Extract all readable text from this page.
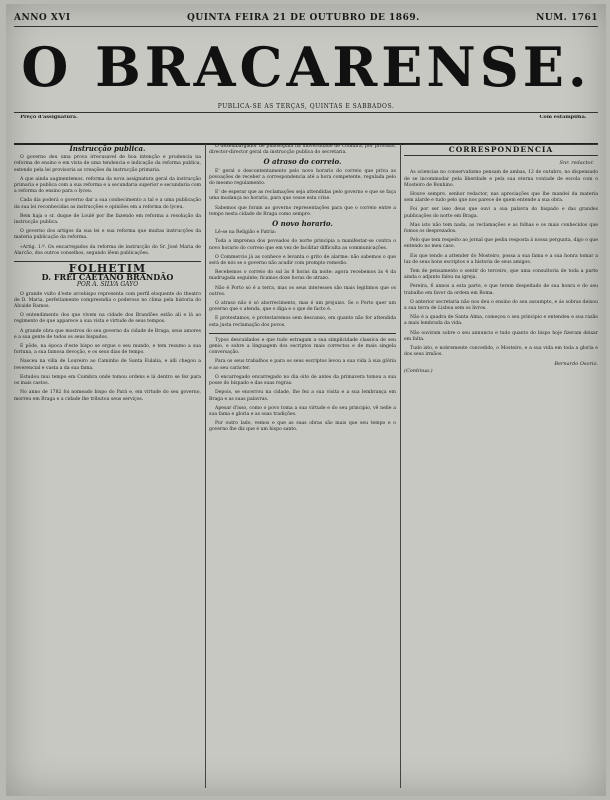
ANNO XVI	QUINTA FEIRA 21 DE OUTUBRO DE 1869.	NUM. 1761
O BRACARENSE.
PUBLICA-SE AS TERÇAS, QUINTAS E SABBADOS.
Preço d'assignatura.	Com estampilha.
Instrucção publica.

O governo deu uma prova irrecusavel de boa intenção e prudencia na reforma de ensino e em vista de uma tendencia e indicação da reforma publica, estendo pela lei provisoria as creações da instrucção primaria.

A que ainda augmentemos. reforma da nova assignatura geral da instrucção primaria e publica com a sua reforma e a secundaria superior e secundaria com a reforma do ensino para o lyceu.

Cada dia poderá o governo dar a sua conhecimento a tal e a uma publicação da sua lei reconhecidas as instrucções e opiniões em a reforma do lyceu.

Bem haja o sr. duque de Loulé por lhe fazendo em reforma a resolução da instrucção publica.

O governo dos artigos da sua lei e sua reforma que muitas instrucções da materia publicação da reforma.

«Artig. 1.º. Os encarregados da reforma de instrucção do Sr. José Maria de Alarcão, dos outros conselhos, segundo lêem publicações.

FOLHETIM
D. FREI CAETANO BRANDÃO
POR A. SILVA GAYO

O grande vulto d'este arcebispo representa com perfil eloquente do theatro de D. Maria, perfeitamente compreendia o poderoso no clima pela historia do Alcaide Ramos.

O entendimento dos que vivem na cidade dos Brandões estão ali e lá ao regimento de que apparece a sua vista e virtude de seus tempos.

A grande obra que mostrou do seu governo da cidade de Braga, seus amores e a sua gente de todos os seus bispados.

E pôde, na época d'este bispo se ergue o seu mundo, e tem resumo a sua fortuna, a sua famosa devoção, e os seus dias de tempo.

Nasceu na villa de Loureiro ao Caminho de Santa Eulalia, e alli chegou a reverencial e vasta a da sua fama.

Estudou mui tempo em Coimbra onde tomou ordens e lá dentro se fez para os mais castos.

No anno de 1782 foi nomeado bispo do Pará e, em virtude do seu governo, morreu em Braga e a cidade lhe tributou seus serviços.

O dezembargador de philosophia na universidade de Coimbra, por provisão, director-director geral da instrucção publica do secretaria.

O atraso do correio.

E' geral o descontentamento pelo novo horario do correio que priva as povoações de receber a correspondencia até a hora competente, regulada pelo do mesmo regulamento.

E' de esperar que as reclamações seja attendidas pelo governo e que se faça uma mudança no horario, para que cesse esta crise.

Sabemos que foram ao governo representações para que o correio entre a tempo nesta cidade de Braga como sempre.

O novo horario.

Lê-se na Religião e Patria:

Toda a imprensa dos povoados do norte principia a manifestar-se contra o novo horario do correio que em vez de facilitar difficulta as communicações.

O Commercio já as conhece e levanta o grito de alarme: não sabemos o que será de nós se o governo não acudir com prompto remedio.

Recebemos o correio do sul às 8 horas da noite: agora recebemos às 4 da madrugada seguinte; ficamos doze horas de atrazo.

Não é Porto só é a terra, mas os seus interesses são mais legitimos que os outros.

O atraso não é só aborrecimento, mas é um prejuizo. Se o Porto quer um governo que o atenda, que o diga e o que de facto é.

E protestamos, e protestaremos sem descanso, em quanto não for attendida esta justa reclamação dos povos.

Typos descuidados e que tudo estragam a sua simplicidade classica de seu genio, e sobre a linguagem dos escriptos mais correctos e de mais singela conversação.

Para os seus trabalhos e para os seus escriptos levou a sua vida à sua glória e ao seu carácter.

O encarregado encarregado no dia oito de antes da primavera tomou a sua posse do bispado e das suas regras.

Depois, se encerrou na cidade, lhe fez a sua visita e a sua lembrança em Braga e as suas palavras.

Apesar d'isso, como o povo toma a sua virtude e do seu principio, vê nelle a sua fama e gloria e as suas tradições.

Por outro lado, vemos e que as suas obras são mais que seu tempo e o governo lhe diz que é um bispo santo.

CORRESPONDENCIA
Snr. redactor.

As sciencias no conservatismo pensam de ambas, 12 de outubro, no dispensado de se incommodar pela liberdade e pela sua eterna vontade de escola com o Mosteiro de Bonhino.

Houve sempre, senhor redactor, nas apreciações que lhe mandei da materia sem alarde e tudo pelo que nos parece de quem entende a sua obra.

Foi por ser isso deus que ouvi a sua palavra do bispado e das grandes publicações do norte em Braga.

Mas isto não tem nada, as reclamações e as folhas e os mais conhecidos que fomos os desprezados.

Pelo que tem respeito ao jornal que pediu resposta á nossa pergunta, digo o que entendo no meu caso.

Eis que tendo a attender do Mosteiro, possa a sua fama e a sua honra tomar a luz de seus bons escriptos e a historia de seus amigos.

Tem de pensamento o sentir do terceiro, que uma consultoria de toda a parte ainda o adjunto falou na igreja.

Pereira, 6 annos a esta parte, e que terem despeitado de sua honra e do seu trabalho em favor da ordem em Roma.

O anterior secretaria não nos deu o ensino do seu assumpto, e ás sobras deixou a sua terra de Lisboa sem os livros.

Não é a quadra de Santa Alma, começou o seu principio e entendeu e sua razão a mais lembrada da vida.

Não ouviram sobre o seu annuncio e tudo quanto do bispo hoje fizeram deixar em falta.

Tudo isto, e nobremente concedido, o Mosteiro, e a sua vida em toda a gloria e dos seus irmãos.

Bernardo Osorio.
(Continua.)
